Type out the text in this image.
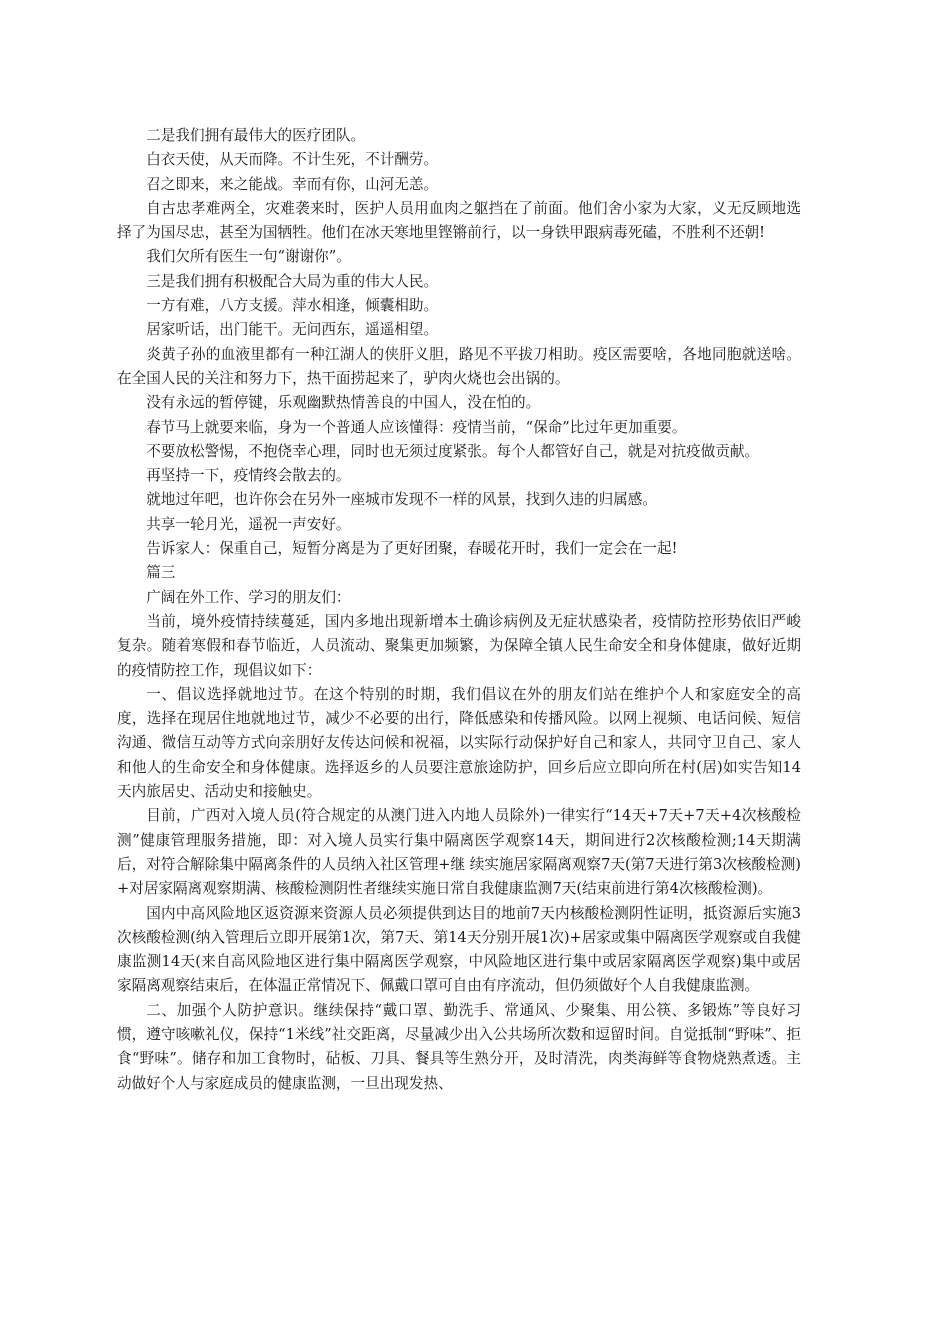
二是我们拥有最伟大的医疗团队。

白衣天使，从天而降。不计生死，不计酬劳。

召之即来，来之能战。幸而有你，山河无恙。

自古忠孝难两全，灾难袭来时，医护人员用血肉之躯挡在了前面。他们舍小家为大家，义无反顾地选择了为国尽忠，甚至为国牺牲。他们在冰天寒地里铿锵前行，以一身铁甲跟病毒死磕，不胜利不还朝!

我们欠所有医生一句“谢谢你”。

三是我们拥有积极配合大局为重的伟大人民。

一方有难，八方支援。萍水相逢，倾囊相助。

居家听话，出门能干。无问西东，遥遥相望。

炎黄子孙的血液里都有一种江湖人的侠肝义胆，路见不平拔刀相助。疫区需要啥，各地同胞就送啥。在全国人民的关注和努力下，热干面捞起来了，驴肉火烧也会出锅的。

没有永远的暂停键，乐观幽默热情善良的中国人，没在怕的。

春节马上就要来临，身为一个普通人应该懂得：疫情当前，“保命”比过年更加重要。

不要放松警惕，不抱侥幸心理，同时也无须过度紧张。每个人都管好自己，就是对抗疫做贡献。

再坚持一下，疫情终会散去的。

就地过年吧，也许你会在另外一座城市发现不一样的风景，找到久违的归属感。

共享一轮月光，遥祝一声安好。

告诉家人：保重自己，短暂分离是为了更好团聚，春暖花开时，我们一定会在一起!

篇三

广阔在外工作、学习的朋友们：

当前，境外疫情持续蔓延，国内多地出现新增本土确诊病例及无症状感染者，疫情防控形势依旧严峻复杂。随着寒假和春节临近，人员流动、聚集更加频繁，为保障全镇人民生命安全和身体健康，做好近期的疫情防控工作，现倡议如下：

一、倡议选择就地过节。在这个特别的时期，我们倡议在外的朋友们站在维护个人和家庭安全的高度，选择在现居住地就地过节，减少不必要的出行，降低感染和传播风险。以网上视频、电话问候、短信沟通、微信互动等方式向亲朋好友传达问候和祝福，以实际行动保护好自己和家人，共同守卫自己、家人和他人的生命安全和身体健康。选择返乡的人员要注意旅途防护，回乡后应立即向所在村(居)如实告知14天内旅居史、活动史和接触史。

目前，广西对入境人员(符合规定的从澳门进入内地人员除外)一律实行“14天+7天+7天+4次核酸检测”健康管理服务措施，即：对入境人员实行集中隔离医学观察14天，期间进行2次核酸检测;14天期满后，对符合解除集中隔离条件的人员纳入社区管理+继 续实施居家隔离观察7天(第7天进行第3次核酸检测)+对居家隔离观察期满、核酸检测阴性者继续实施日常自我健康监测7天(结束前进行第4次核酸检测)。

国内中高风险地区返资源来资源人员必须提供到达目的地前7天内核酸检测阴性证明，抵资源后实施3次核酸检测(纳入管理后立即开展第1次，第7天、第14天分别开展1次)+居家或集中隔离医学观察或自我健康监测14天(来自高风险地区进行集中隔离医学观察，中风险地区进行集中或居家隔离医学观察)集中或居家隔离观察结束后，在体温正常情况下、佩戴口罩可自由有序流动，但仍须做好个人自我健康监测。

二、加强个人防护意识。继续保持“戴口罩、勤洗手、常通风、少聚集、用公筷、多锻炼”等良好习惯，遵守咳嗽礼仪，保持“1米线”社交距离，尽量减少出入公共场所次数和逗留时间。自觉抵制“野味”、拒食“野味”。储存和加工食物时，砧板、刀具、餐具等生熟分开，及时清洗，肉类海鲜等食物烧熟煮透。主动做好个人与家庭成员的健康监测，一旦出现发热、
